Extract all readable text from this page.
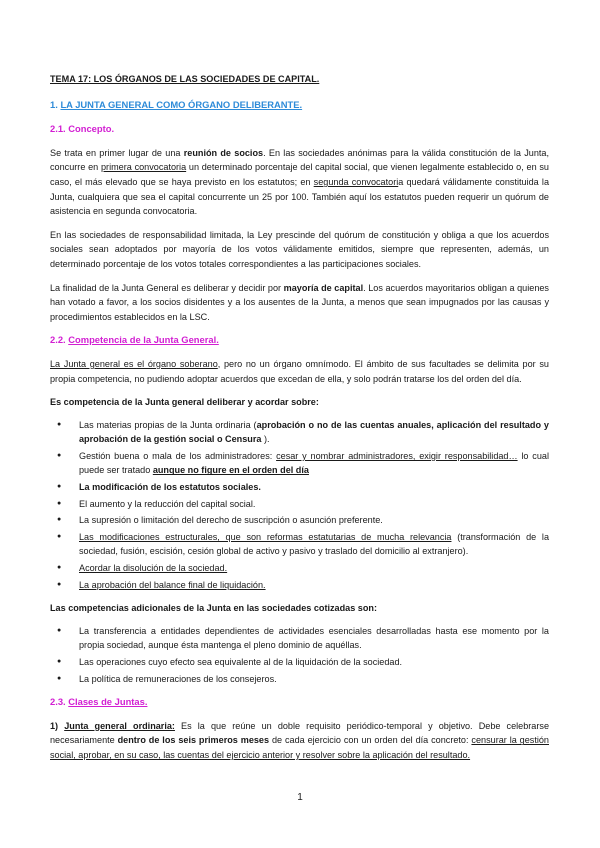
TEMA 17: LOS ÓRGANOS DE LAS SOCIEDADES DE CAPITAL.
1. LA JUNTA GENERAL COMO ÓRGANO DELIBERANTE.
2.1. Concepto.

Se trata en primer lugar de una reunión de socios. En las sociedades anónimas para la válida constitución de la Junta, concurre en primera convocatoria un determinado porcentaje del capital social, que vienen legalmente establecido o, en su caso, el más elevado que se haya previsto en los estatutos; en segunda convocatoria quedará válidamente constituida la Junta, cualquiera que sea el capital concurrente un 25 por 100. También aquí los estatutos pueden requerir un quórum de asistencia en segunda convocatoria.

En las sociedades de responsabilidad limitada, la Ley prescinde del quórum de constitución y obliga a que los acuerdos sociales sean adoptados por mayoría de los votos válidamente emitidos, siempre que representen, además, un determinado porcentaje de los votos totales correspondientes a las participaciones sociales.

La finalidad de la Junta General es deliberar y decidir por mayoría de capital. Los acuerdos mayoritarios obligan a quienes han votado a favor, a los socios disidentes y a los ausentes de la Junta, a menos que sean impugnados por las causas y procedimientos establecidos en la LSC.

2.2. Competencia de la Junta General.

La Junta general es el órgano soberano, pero no un órgano omnímodo. El ámbito de sus facultades se delimita por su propia competencia, no pudiendo adoptar acuerdos que excedan de ella, y solo podrán tratarse los del orden del día.

Es competencia de la Junta general deliberar y acordar sobre:
● Las materias propias de la Junta ordinaria (aprobación o no de las cuentas anuales, aplicación del resultado y aprobación de la gestión social o Censura ).
● Gestión buena o mala de los administradores: cesar y nombrar administradores, exigir responsabilidad… lo cual puede ser tratado aunque no figure en el orden del día
● La modificación de los estatutos sociales.
● El aumento y la reducción del capital social.
● La supresión o limitación del derecho de suscripción o asunción preferente.
● Las modificaciones estructurales, que son reformas estatutarias de mucha relevancia (transformación de la sociedad, fusión, escisión, cesión global de activo y pasivo y traslado del domicilio al extranjero).
● Acordar la disolución de la sociedad.
● La aprobación del balance final de liquidación.
Las competencias adicionales de la Junta en las sociedades cotizadas son:
● La transferencia a entidades dependientes de actividades esenciales desarrolladas hasta ese momento por la propia sociedad, aunque ésta mantenga el pleno dominio de aquéllas.
● Las operaciones cuyo efecto sea equivalente al de la liquidación de la sociedad.
● La política de remuneraciones de los consejeros.
2.3. Clases de Juntas.

1) Junta general ordinaria: Es la que reúne un doble requisito periódico-temporal y objetivo. Debe celebrarse necesariamente dentro de los seis primeros meses de cada ejercicio con un orden del día concreto: censurar la gestión social, aprobar, en su caso, las cuentas del ejercicio anterior y resolver sobre la aplicación del resultado.

1
